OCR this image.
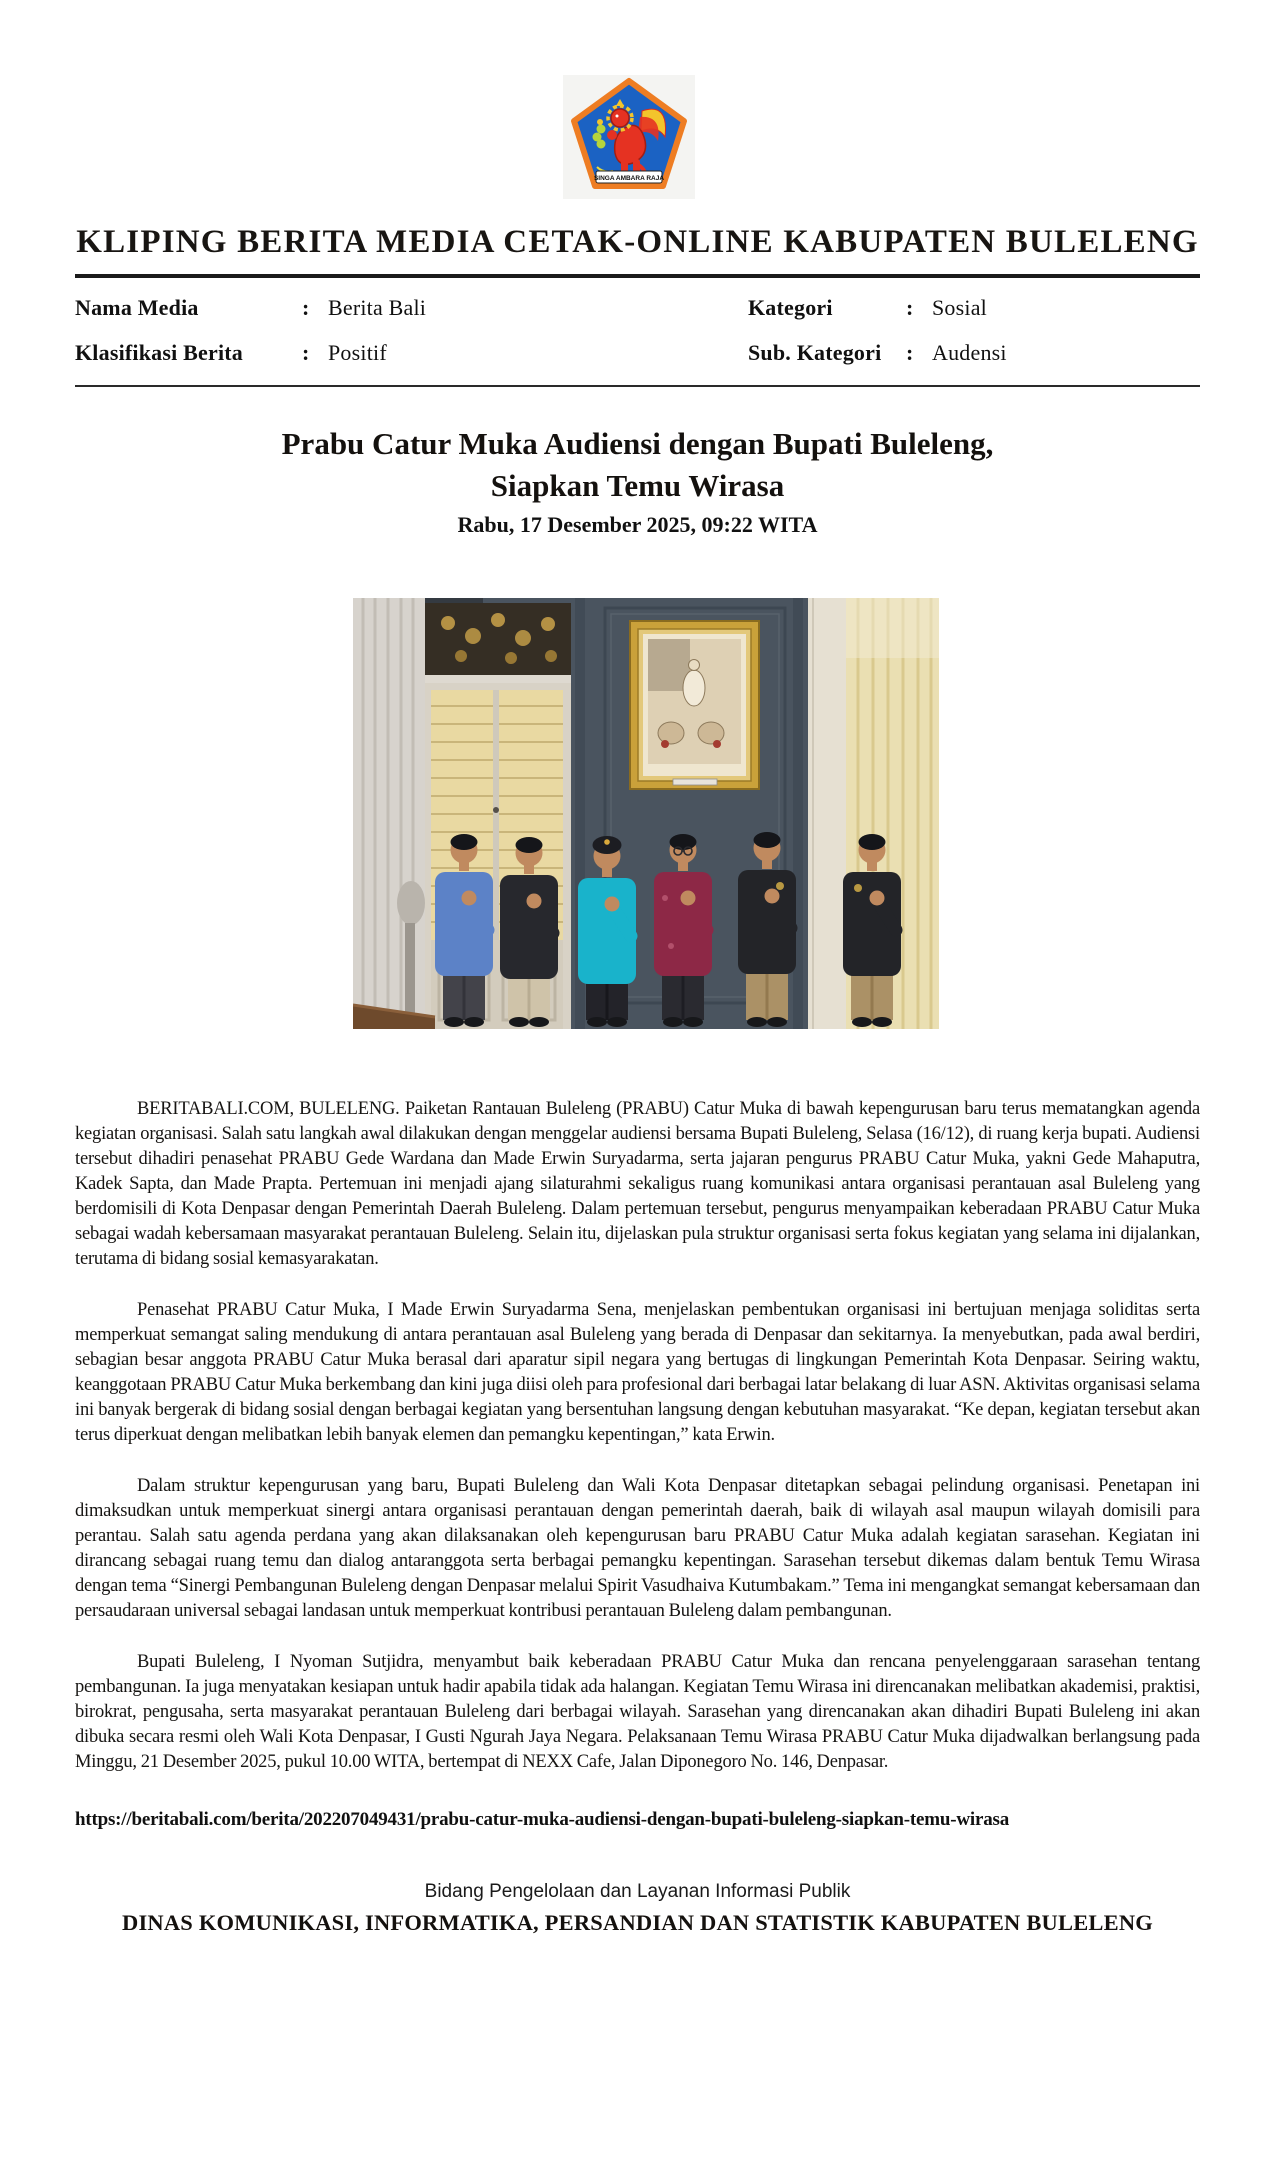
SINGA AMBARA RAJA
KLIPING BERITA MEDIA CETAK-ONLINE KABUPATEN BULELENG
Nama Media	: Berita Bali
Klasifikasi Berita	: Positif
Kategori	: Sosial
Sub. Kategori	: Audensi
Prabu Catur Muka Audiensi dengan Bupati Buleleng,
Siapkan Temu Wirasa
Rabu, 17 Desember 2025, 09:22 WITA

BERITABALI.COM, BULELENG. Paiketan Rantauan Buleleng (PRABU) Catur Muka di bawah kepengurusan baru terus mematangkan agenda kegiatan organisasi. Salah satu langkah awal dilakukan dengan menggelar audiensi bersama Bupati Buleleng, Selasa (16/12), di ruang kerja bupati. Audiensi tersebut dihadiri penasehat PRABU Gede Wardana dan Made Erwin Suryadarma, serta jajaran pengurus PRABU Catur Muka, yakni Gede Mahaputra, Kadek Sapta, dan Made Prapta. Pertemuan ini menjadi ajang silaturahmi sekaligus ruang komunikasi antara organisasi perantauan asal Buleleng yang berdomisili di Kota Denpasar dengan Pemerintah Daerah Buleleng. Dalam pertemuan tersebut, pengurus menyampaikan keberadaan PRABU Catur Muka sebagai wadah kebersamaan masyarakat perantauan Buleleng. Selain itu, dijelaskan pula struktur organisasi serta fokus kegiatan yang selama ini dijalankan, terutama di bidang sosial kemasyarakatan.

Penasehat PRABU Catur Muka, I Made Erwin Suryadarma Sena, menjelaskan pembentukan organisasi ini bertujuan menjaga soliditas serta memperkuat semangat saling mendukung di antara perantauan asal Buleleng yang berada di Denpasar dan sekitarnya. Ia menyebutkan, pada awal berdiri, sebagian besar anggota PRABU Catur Muka berasal dari aparatur sipil negara yang bertugas di lingkungan Pemerintah Kota Denpasar. Seiring waktu, keanggotaan PRABU Catur Muka berkembang dan kini juga diisi oleh para profesional dari berbagai latar belakang di luar ASN. Aktivitas organisasi selama ini banyak bergerak di bidang sosial dengan berbagai kegiatan yang bersentuhan langsung dengan kebutuhan masyarakat. “Ke depan, kegiatan tersebut akan terus diperkuat dengan melibatkan lebih banyak elemen dan pemangku kepentingan,” kata Erwin.

Dalam struktur kepengurusan yang baru, Bupati Buleleng dan Wali Kota Denpasar ditetapkan sebagai pelindung organisasi. Penetapan ini dimaksudkan untuk memperkuat sinergi antara organisasi perantauan dengan pemerintah daerah, baik di wilayah asal maupun wilayah domisili para perantau. Salah satu agenda perdana yang akan dilaksanakan oleh kepengurusan baru PRABU Catur Muka adalah kegiatan sarasehan. Kegiatan ini dirancang sebagai ruang temu dan dialog antaranggota serta berbagai pemangku kepentingan. Sarasehan tersebut dikemas dalam bentuk Temu Wirasa dengan tema “Sinergi Pembangunan Buleleng dengan Denpasar melalui Spirit Vasudhaiva Kutumbakam.” Tema ini mengangkat semangat kebersamaan dan persaudaraan universal sebagai landasan untuk memperkuat kontribusi perantauan Buleleng dalam pembangunan.

Bupati Buleleng, I Nyoman Sutjidra, menyambut baik keberadaan PRABU Catur Muka dan rencana penyelenggaraan sarasehan tentang pembangunan. Ia juga menyatakan kesiapan untuk hadir apabila tidak ada halangan. Kegiatan Temu Wirasa ini direncanakan melibatkan akademisi, praktisi, birokrat, pengusaha, serta masyarakat perantauan Buleleng dari berbagai wilayah. Sarasehan yang direncanakan akan dihadiri Bupati Buleleng ini akan dibuka secara resmi oleh Wali Kota Denpasar, I Gusti Ngurah Jaya Negara. Pelaksanaan Temu Wirasa PRABU Catur Muka dijadwalkan berlangsung pada Minggu, 21 Desember 2025, pukul 10.00 WITA, bertempat di NEXX Cafe, Jalan Diponegoro No. 146, Denpasar.

https://beritabali.com/berita/202207049431/prabu-catur-muka-audiensi-dengan-bupati-buleleng-siapkan-temu-wirasa
Bidang Pengelolaan dan Layanan Informasi Publik
DINAS KOMUNIKASI, INFORMATIKA, PERSANDIAN DAN STATISTIK KABUPATEN BULELENG
